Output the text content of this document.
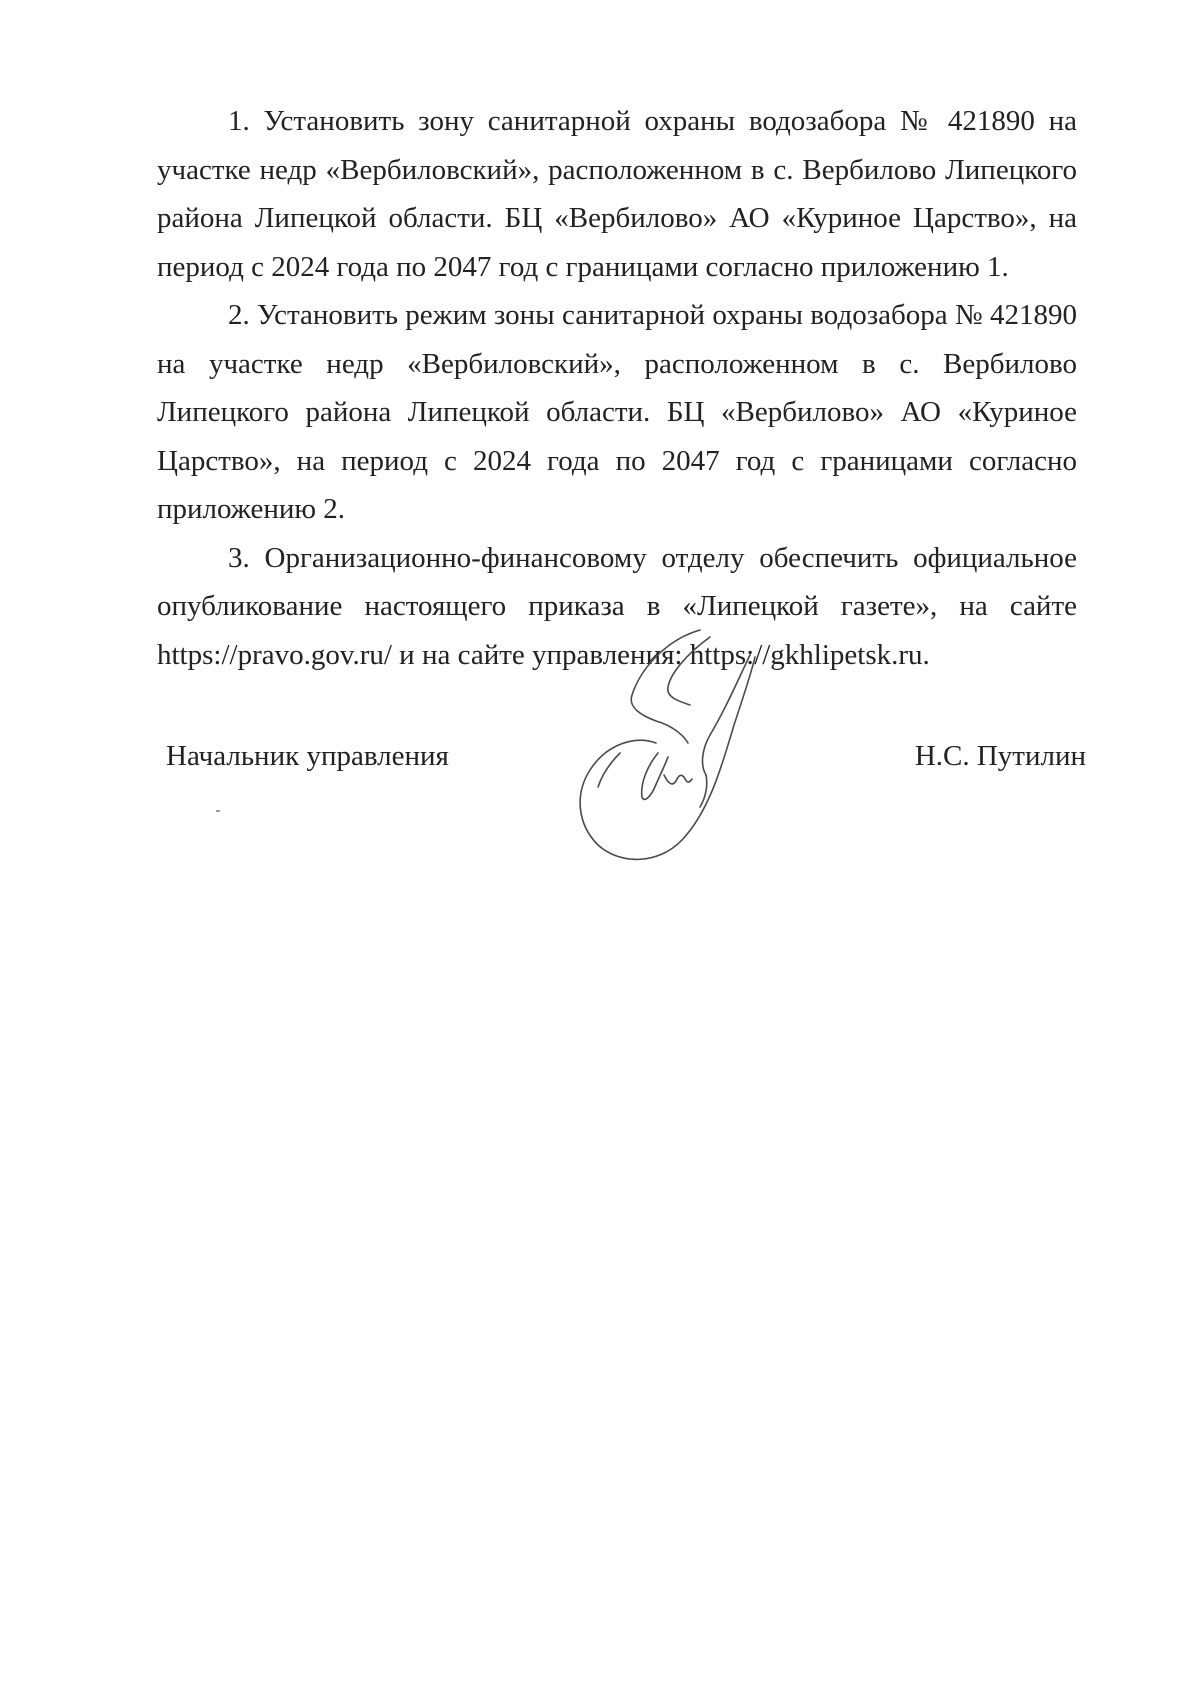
1. Установить зону санитарной охраны водозабора № 421890 на участке недр «Вербиловский», расположенном в с. Вербилово Липецкого района Липецкой области. БЦ «Вербилово» АО «Куриное Царство», на период с 2024 года по 2047 год с границами согласно приложению 1.

2. Установить режим зоны санитарной охраны водозабора № 421890 на участке недр «Вербиловский», расположенном в с. Вербилово Липецкого района Липецкой области. БЦ «Вербилово» АО «Куриное Царство», на период с 2024 года по 2047 год с границами согласно приложению 2.

3. Организационно-финансовому отделу обеспечить официальное опубликование настоящего приказа в «Липецкой газете», на сайте https://pravo.gov.ru/ и на сайте управления: https://gkhlipetsk.ru.

Начальник управления	Н.С. Путилин
